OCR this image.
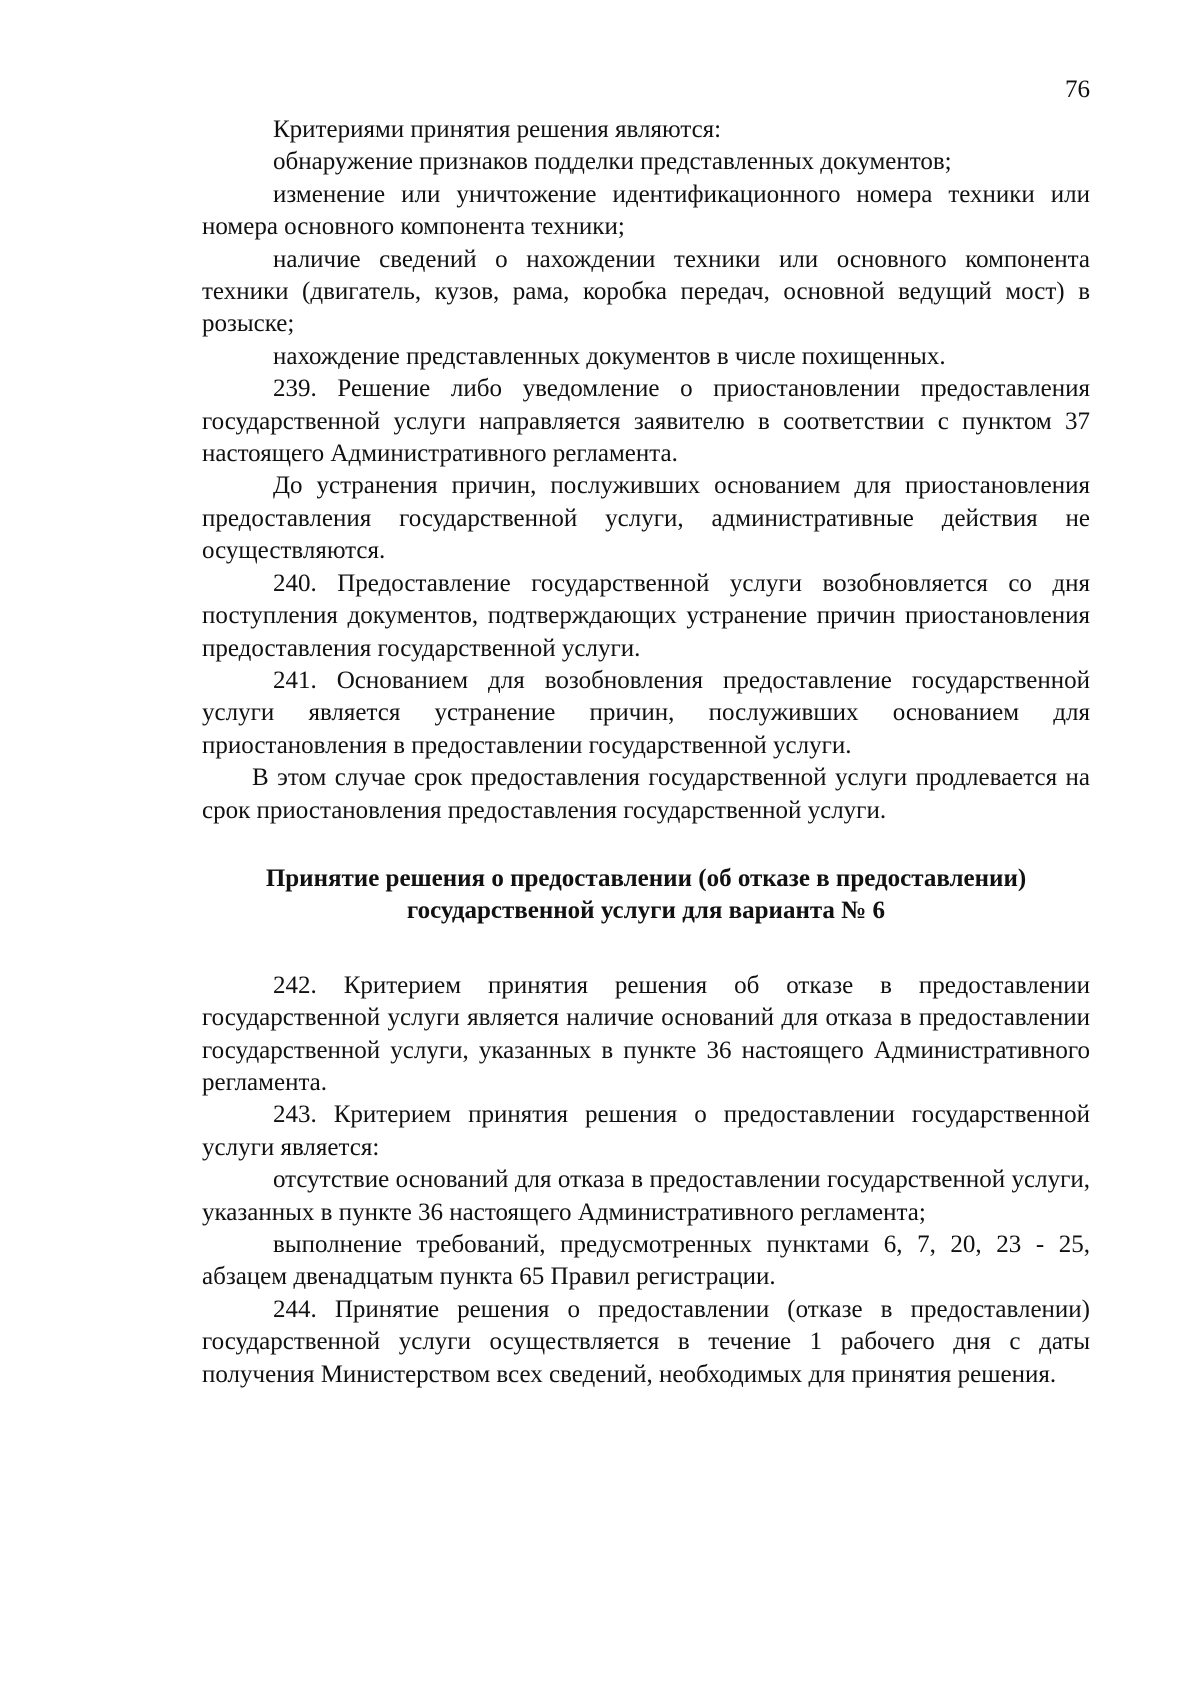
76

Критериями принятия решения являются:

обнаружение признаков подделки представленных документов;

изменение или уничтожение идентификационного номера техники или номера основного компонента техники;

наличие сведений о нахождении техники или основного компонента техники (двигатель, кузов, рама, коробка передач, основной ведущий мост) в розыске;

нахождение представленных документов в числе похищенных.

239. Решение либо уведомление о приостановлении предоставления государственной услуги направляется заявителю в соответствии с пунктом 37 настоящего Административного регламента.

До устранения причин, послуживших основанием для приостановления предоставления государственной услуги, административные действия не осуществляются.

240. Предоставление государственной услуги возобновляется со дня поступления документов, подтверждающих устранение причин приостановления предоставления государственной услуги.

241. Основанием для возобновления предоставление государственной услуги является устранение причин, послуживших основанием для приостановления в предоставлении государственной услуги.

В этом случае срок предоставления государственной услуги продлевается на срок приостановления предоставления государственной услуги.

Принятие решения о предоставлении (об отказе в предоставлении)
государственной услуги для варианта № 6

242. Критерием принятия решения об отказе в предоставлении государственной услуги является наличие оснований для отказа в предоставлении государственной услуги, указанных в пункте 36 настоящего Административного регламента.

243. Критерием принятия решения о предоставлении государственной услуги является:

отсутствие оснований для отказа в предоставлении государственной услуги, указанных в пункте 36 настоящего Административного регламента;

выполнение требований, предусмотренных пунктами 6, 7, 20, 23 - 25, абзацем двенадцатым пункта 65 Правил регистрации.

244. Принятие решения о предоставлении (отказе в предоставлении) государственной услуги осуществляется в течение 1 рабочего дня с даты получения Министерством всех сведений, необходимых для принятия решения.
